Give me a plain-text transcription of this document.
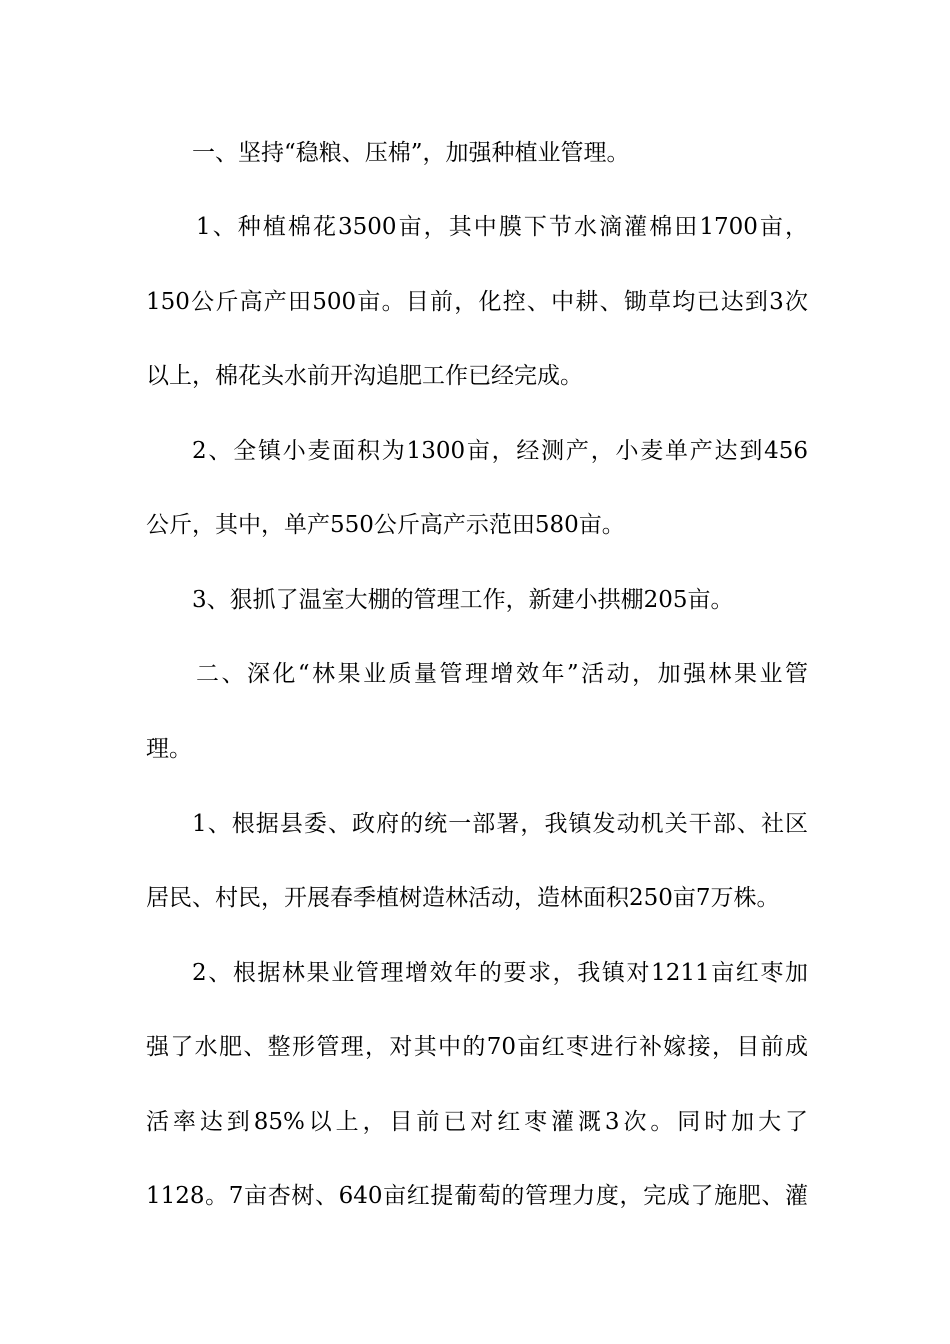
一、坚持“稳粮、压棉”，加强种植业管理。
1、种植棉花3500亩，其中膜下节水滴灌棉田1700亩，
150公斤高产田500亩。目前，化控、中耕、锄草均已达到3次
以上，棉花头水前开沟追肥工作已经完成。
2、全镇小麦面积为1300亩，经测产，小麦单产达到456
公斤，其中，单产550公斤高产示范田580亩。
3、狠抓了温室大棚的管理工作，新建小拱棚205亩。
二、深化“林果业质量管理增效年”活动，加强林果业管
理。
1、根据县委、政府的统一部署，我镇发动机关干部、社区
居民、村民，开展春季植树造林活动，造林面积250亩7万株。
2、根据林果业管理增效年的要求，我镇对1211亩红枣加
强了水肥、整形管理，对其中的70亩红枣进行补嫁接，目前成
活率达到85%以上，目前已对红枣灌溉3次。同时加大了
1128。7亩杏树、640亩红提葡萄的管理力度，完成了施肥、灌
